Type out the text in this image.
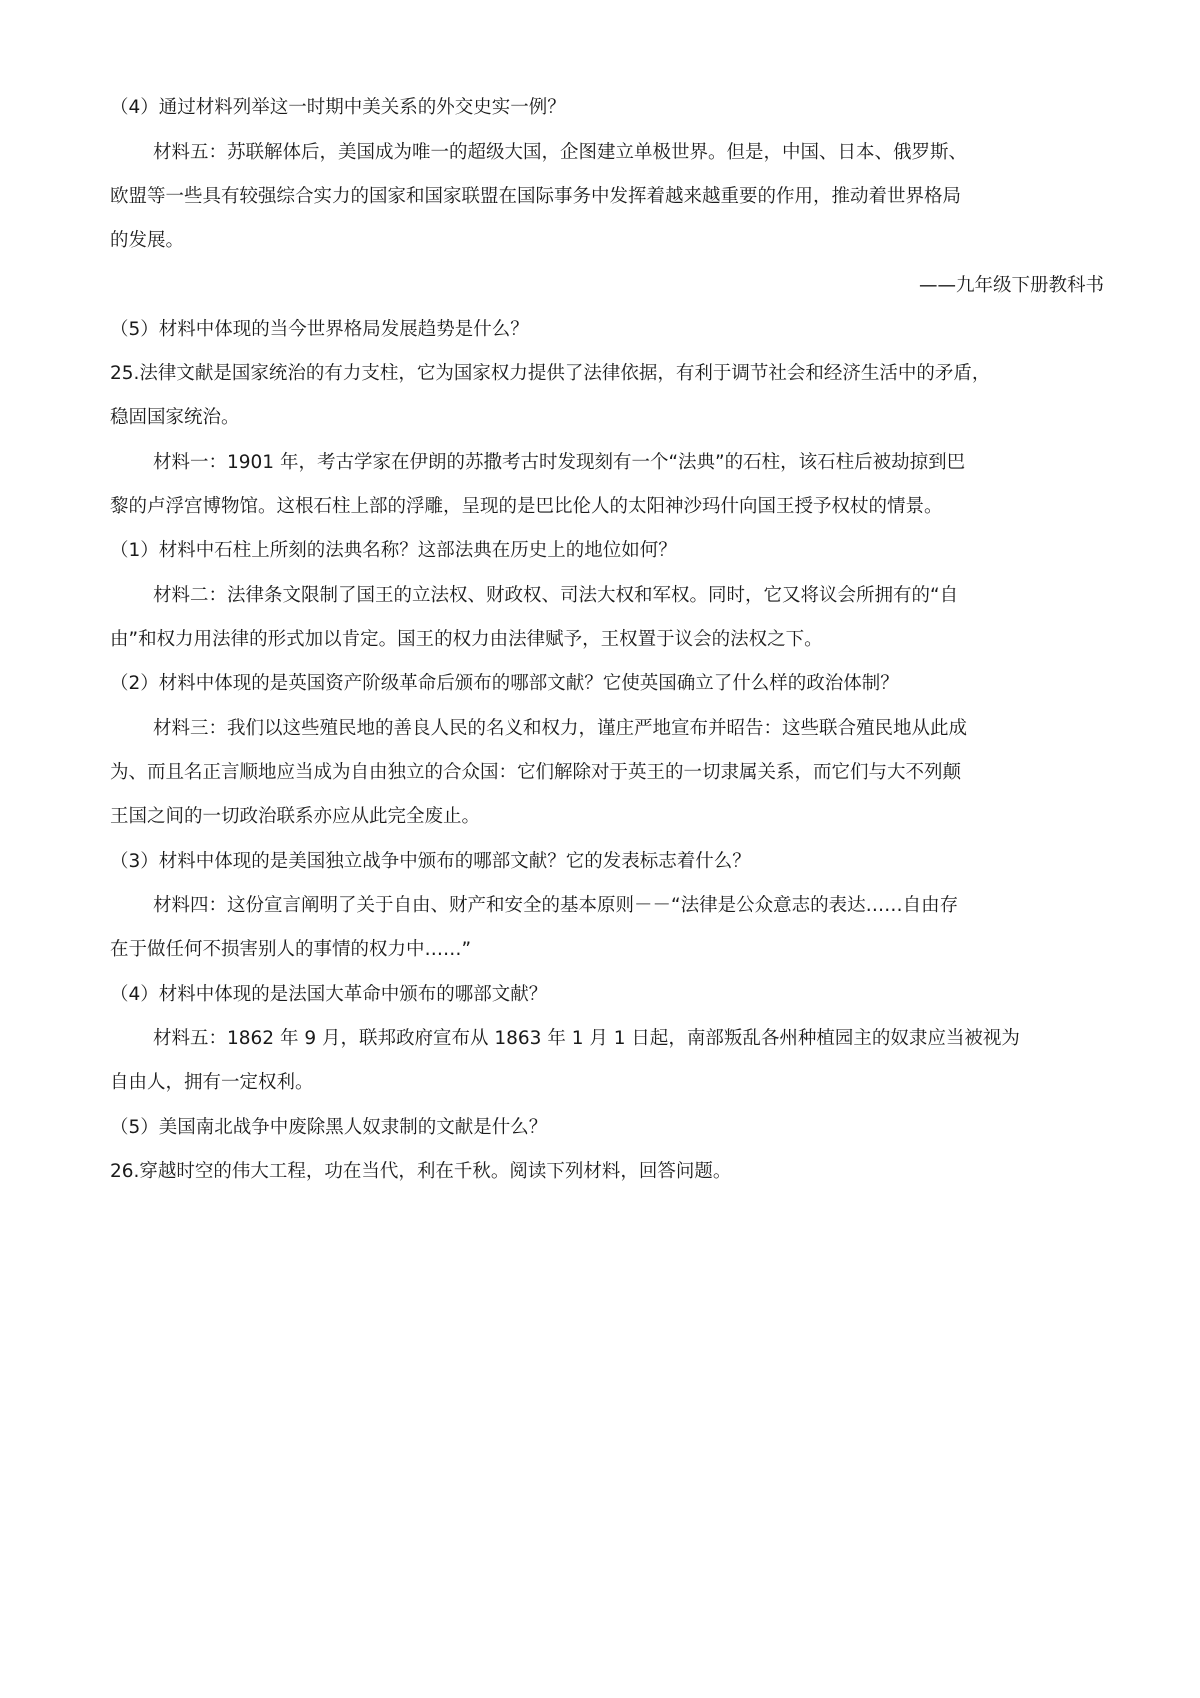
（4）通过材料列举这一时期中美关系的外交史实一例？
材料五：苏联解体后，美国成为唯一的超级大国，企图建立单极世界。但是，中国、日本、俄罗斯、
欧盟等一些具有较强综合实力的国家和国家联盟在国际事务中发挥着越来越重要的作用，推动着世界格局
的发展。
——九年级下册教科书
（5）材料中体现的当今世界格局发展趋势是什么？
25.法律文献是国家统治的有力支柱，它为国家权力提供了法律依据，有利于调节社会和经济生活中的矛盾，
稳固国家统治。
材料一：1901 年，考古学家在伊朗的苏撒考古时发现刻有一个“法典”的石柱，该石柱后被劫掠到巴
黎的卢浮宫博物馆。这根石柱上部的浮雕，呈现的是巴比伦人的太阳神沙玛什向国王授予权杖的情景。
（1）材料中石柱上所刻的法典名称？这部法典在历史上的地位如何？
材料二：法律条文限制了国王的立法权、财政权、司法大权和军权。同时，它又将议会所拥有的“自
由”和权力用法律的形式加以肯定。国王的权力由法律赋予，王权置于议会的法权之下。
（2）材料中体现的是英国资产阶级革命后颁布的哪部文献？它使英国确立了什么样的政治体制？
材料三：我们以这些殖民地的善良人民的名义和权力，谨庄严地宣布并昭告：这些联合殖民地从此成
为、而且名正言顺地应当成为自由独立的合众国：它们解除对于英王的一切隶属关系，而它们与大不列颠
王国之间的一切政治联系亦应从此完全废止。
（3）材料中体现的是美国独立战争中颁布的哪部文献？它的发表标志着什么？
材料四：这份宣言阐明了关于自由、财产和安全的基本原则－－“法律是公众意志的表达……自由存
在于做任何不损害别人的事情的权力中……”
（4）材料中体现的是法国大革命中颁布的哪部文献？
材料五：1862 年 9 月，联邦政府宣布从 1863 年 1 月 1 日起，南部叛乱各州种植园主的奴隶应当被视为
自由人，拥有一定权利。
（5）美国南北战争中废除黑人奴隶制的文献是什么？
26.穿越时空的伟大工程，功在当代，利在千秋。阅读下列材料，回答问题。
